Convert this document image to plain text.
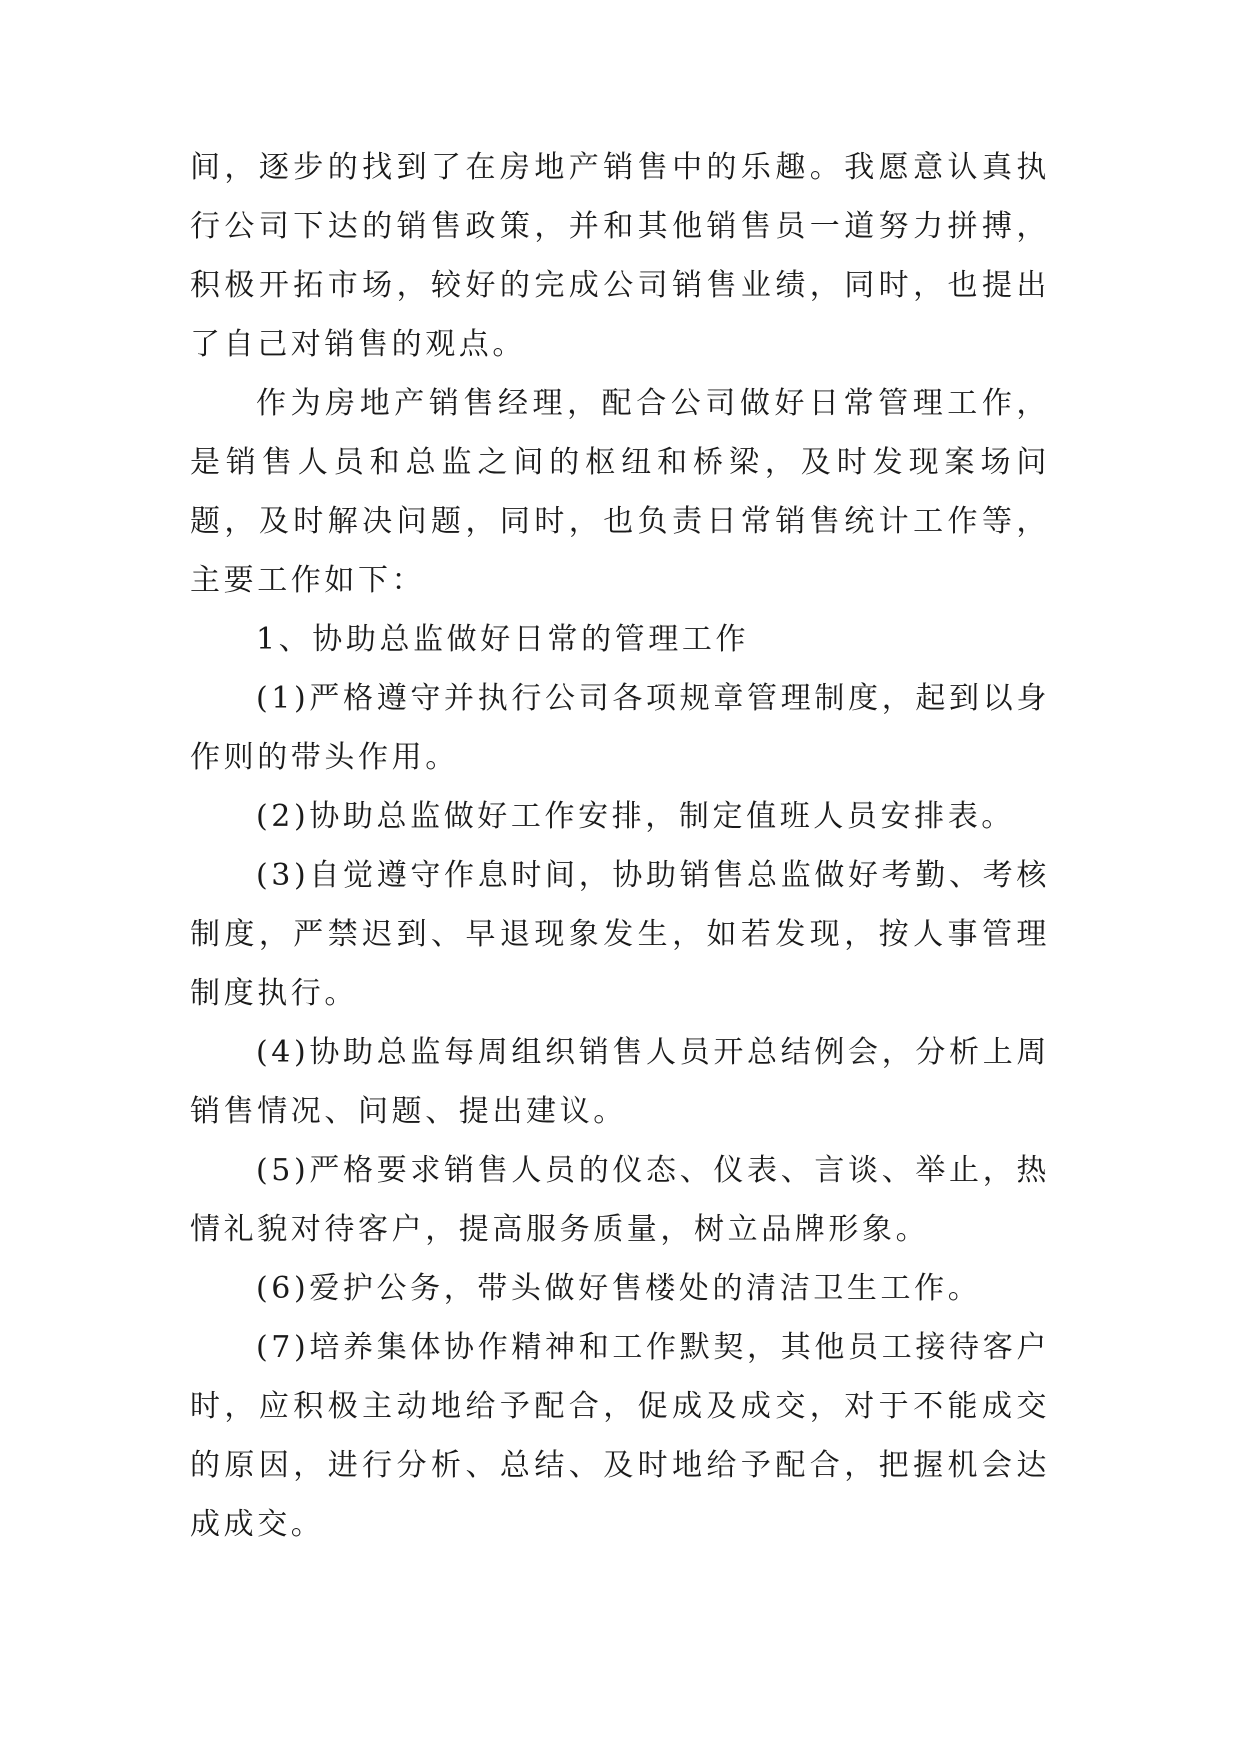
间，逐步的找到了在房地产销售中的乐趣。我愿意认真执行公司下达的销售政策，并和其他销售员一道努力拼搏，积极开拓市场，较好的完成公司销售业绩，同时，也提出了自己对销售的观点。

作为房地产销售经理，配合公司做好日常管理工作，是销售人员和总监之间的枢纽和桥梁，及时发现案场问题，及时解决问题，同时，也负责日常销售统计工作等，主要工作如下：

1、协助总监做好日常的管理工作

(1)严格遵守并执行公司各项规章管理制度，起到以身作则的带头作用。

(2)协助总监做好工作安排，制定值班人员安排表。

(3)自觉遵守作息时间，协助销售总监做好考勤、考核制度，严禁迟到、早退现象发生，如若发现，按人事管理制度执行。

(4)协助总监每周组织销售人员开总结例会，分析上周销售情况、问题、提出建议。

(5)严格要求销售人员的仪态、仪表、言谈、举止，热情礼貌对待客户，提高服务质量，树立品牌形象。

(6)爱护公务，带头做好售楼处的清洁卫生工作。

(7)培养集体协作精神和工作默契，其他员工接待客户时，应积极主动地给予配合，促成及成交，对于不能成交的原因，进行分析、总结、及时地给予配合，把握机会达成成交。
